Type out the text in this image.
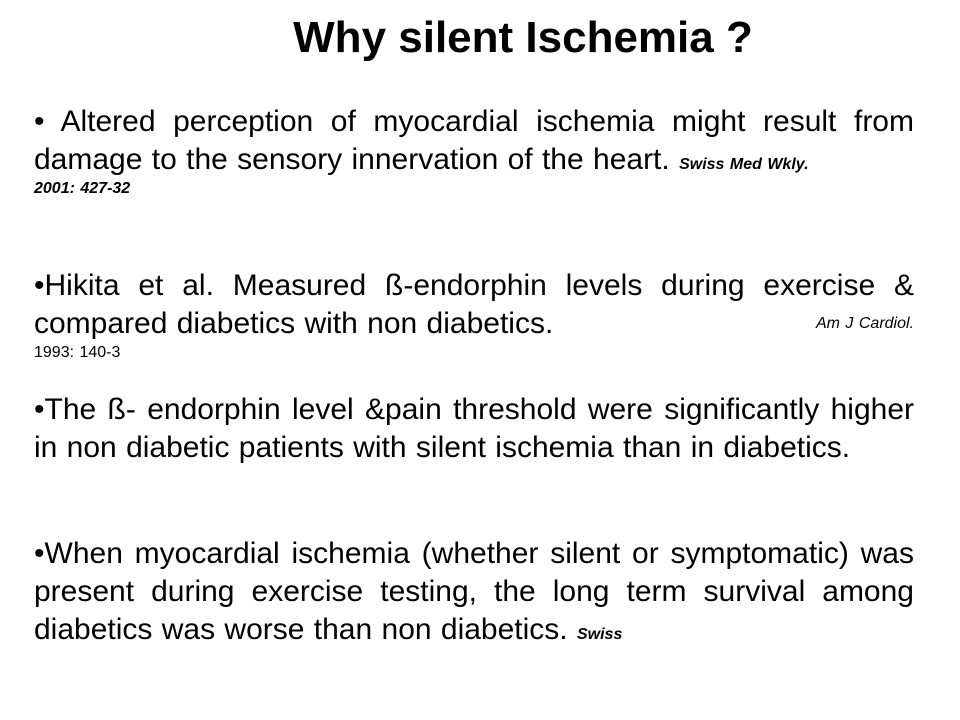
Why silent Ischemia ?
• Altered perception of myocardial ischemia might result from damage to the sensory innervation of the heart. Swiss Med Wkly.
2001: 427-32
•Hikita et al. Measured ß-endorphin levels during exercise & compared diabetics with non diabetics.	Am J Cardiol.
1993: 140-3
•The ß- endorphin level &pain threshold were significantly higher in non diabetic patients with silent ischemia than in diabetics.
•When myocardial ischemia (whether silent or symptomatic) was present during exercise testing, the long term survival among diabetics was worse than non diabetics. Swiss
